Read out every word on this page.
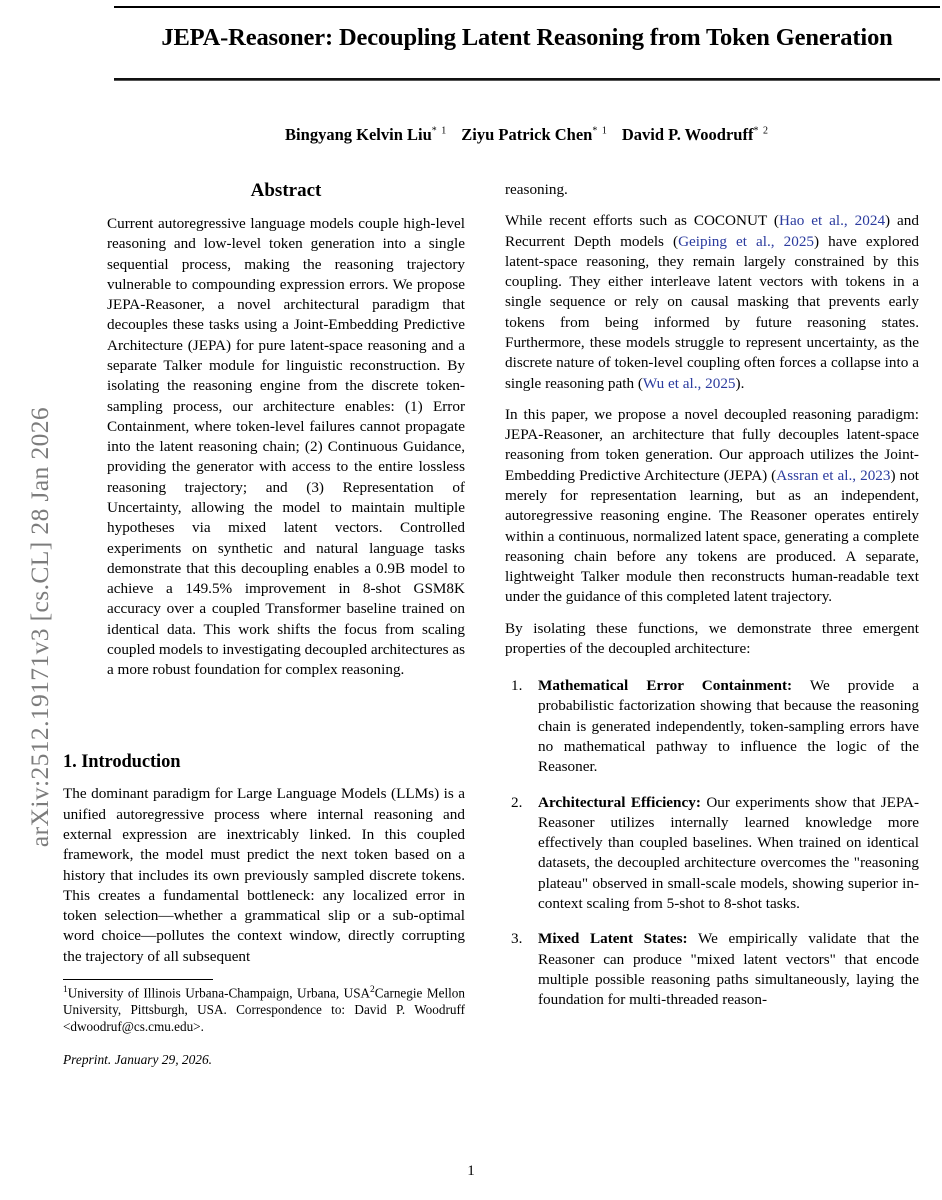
arXiv:2512.19171v3 [cs.CL] 28 Jan 2026
JEPA-Reasoner: Decoupling Latent Reasoning from Token Generation
Bingyang Kelvin Liu$^{* 1}$ Ziyu Patrick Chen$^{* 1}$ David P. Woodruff$^{* 2}$
Abstract

Current autoregressive language models couple high-level reasoning and low-level token generation into a single sequential process, making the reasoning trajectory vulnerable to compounding expression errors. We propose JEPA-Reasoner, a novel architectural paradigm that decouples these tasks using a Joint-Embedding Predictive Architecture (JEPA) for pure latent-space reasoning and a separate Talker module for linguistic reconstruction. By isolating the reasoning engine from the discrete token-sampling process, our architecture enables: (1) Error Containment, where token-level failures cannot propagate into the latent reasoning chain; (2) Continuous Guidance, providing the generator with access to the entire lossless reasoning trajectory; and (3) Representation of Uncertainty, allowing the model to maintain multiple hypotheses via mixed latent vectors. Controlled experiments on synthetic and natural language tasks demonstrate that this decoupling enables a 0.9B model to achieve a 149.5% improvement in 8-shot GSM8K accuracy over a coupled Transformer baseline trained on identical data. This work shifts the focus from scaling coupled models to investigating decoupled architectures as a more robust foundation for complex reasoning.

1. Introduction

The dominant paradigm for Large Language Models (LLMs) is a unified autoregressive process where internal reasoning and external expression are inextricably linked. In this coupled framework, the model must predict the next token based on a history that includes its own previously sampled discrete tokens. This creates a fundamental bottleneck: any localized error in token selection—whether a grammatical slip or a sub-optimal word choice—pollutes the context window, directly corrupting the trajectory of all subsequent

$^1$University of Illinois Urbana-Champaign, Urbana, USA$^2$Carnegie Mellon University, Pittsburgh, USA. Correspondence to: David P. Woodruff <dwoodruf@cs.cmu.edu>.

Preprint. January 29, 2026.

reasoning.

While recent efforts such as COCONUT (Hao et al., 2024) and Recurrent Depth models (Geiping et al., 2025) have explored latent-space reasoning, they remain largely constrained by this coupling. They either interleave latent vectors with tokens in a single sequence or rely on causal masking that prevents early tokens from being informed by future reasoning states. Furthermore, these models struggle to represent uncertainty, as the discrete nature of token-level coupling often forces a collapse into a single reasoning path (Wu et al., 2025).

In this paper, we propose a novel decoupled reasoning paradigm: JEPA-Reasoner, an architecture that fully decouples latent-space reasoning from token generation. Our approach utilizes the Joint-Embedding Predictive Architecture (JEPA) (Assran et al., 2023) not merely for representation learning, but as an independent, autoregressive reasoning engine. The Reasoner operates entirely within a continuous, normalized latent space, generating a complete reasoning chain before any tokens are produced. A separate, lightweight Talker module then reconstructs human-readable text under the guidance of this completed latent trajectory.

By isolating these functions, we demonstrate three emergent properties of the decoupled architecture:

1.	Mathematical Error Containment: We provide a probabilistic factorization showing that because the reasoning chain is generated independently, token-sampling errors have no mathematical pathway to influence the logic of the Reasoner.
2.	Architectural Efficiency: Our experiments show that JEPA-Reasoner utilizes internally learned knowledge more effectively than coupled baselines. When trained on identical datasets, the decoupled architecture overcomes the "reasoning plateau" observed in small-scale models, showing superior in-context scaling from 5-shot to 8-shot tasks.
3.	Mixed Latent States: We empirically validate that the Reasoner can produce "mixed latent vectors" that encode multiple possible reasoning paths simultaneously, laying the foundation for multi-threaded reason-
1
